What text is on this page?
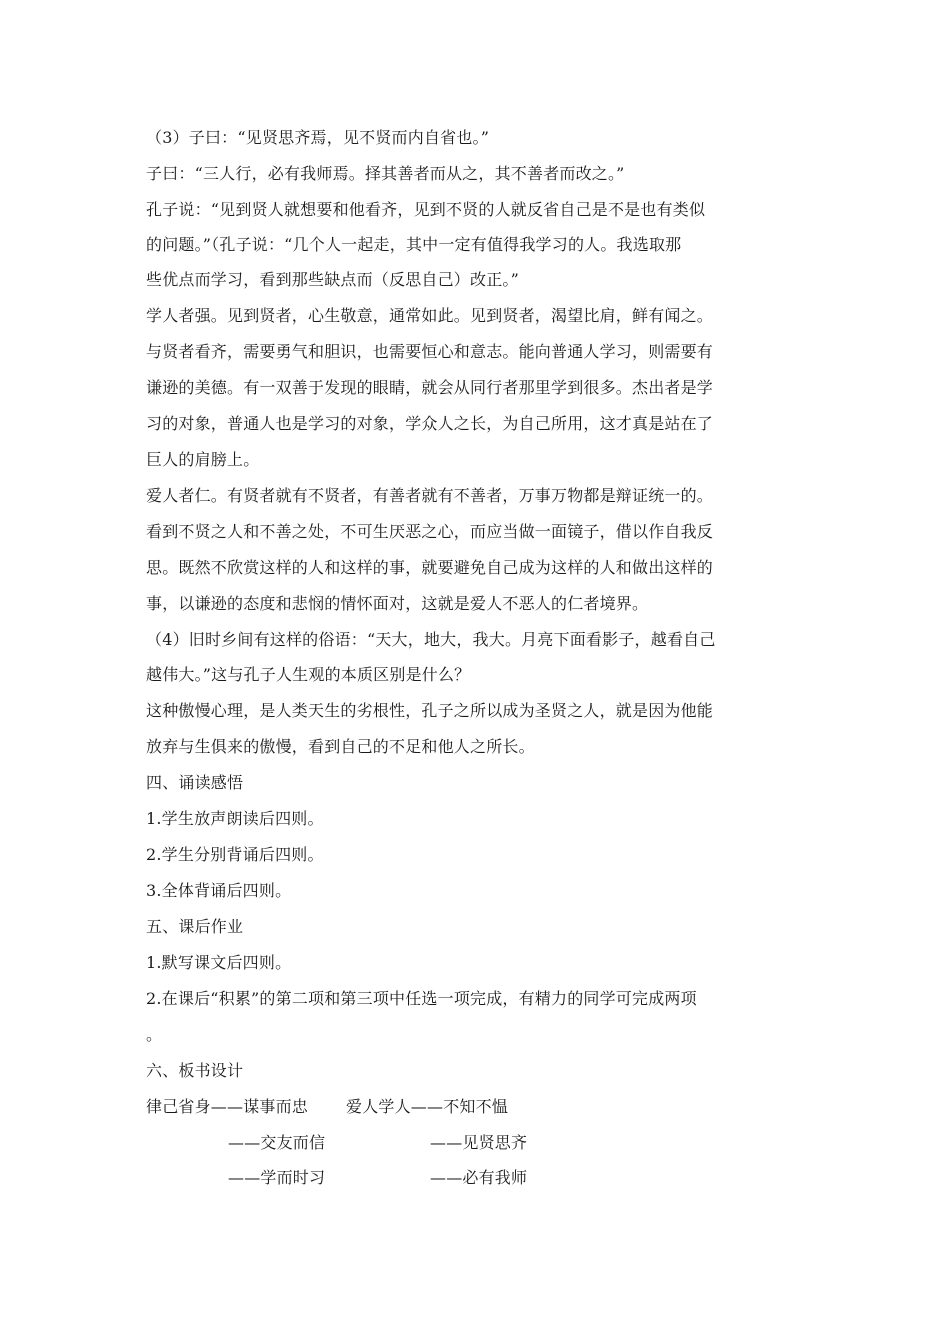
（3）子曰：“见贤思齐焉，见不贤而内自省也。”
子曰：“三人行，必有我师焉。择其善者而从之，其不善者而改之。”
孔子说：“见到贤人就想要和他看齐，见到不贤的人就反省自己是不是也有类似
的问题。”（孔子说：“几个人一起走，其中一定有值得我学习的人。我选取那
些优点而学习，看到那些缺点而（反思自己）改正。”
学人者强。见到贤者，心生敬意，通常如此。见到贤者，渴望比肩，鲜有闻之。
与贤者看齐，需要勇气和胆识，也需要恒心和意志。能向普通人学习，则需要有
谦逊的美德。有一双善于发现的眼睛，就会从同行者那里学到很多。杰出者是学
习的对象，普通人也是学习的对象，学众人之长，为自己所用，这才真是站在了
巨人的肩膀上。
爱人者仁。有贤者就有不贤者，有善者就有不善者，万事万物都是辩证统一的。
看到不贤之人和不善之处，不可生厌恶之心，而应当做一面镜子，借以作自我反
思。既然不欣赏这样的人和这样的事，就要避免自己成为这样的人和做出这样的
事，以谦逊的态度和悲悯的情怀面对，这就是爱人不恶人的仁者境界。
（4）旧时乡间有这样的俗语：“天大，地大，我大。月亮下面看影子，越看自己
越伟大。”这与孔子人生观的本质区别是什么？
这种傲慢心理，是人类天生的劣根性，孔子之所以成为圣贤之人，就是因为他能
放弃与生俱来的傲慢，看到自己的不足和他人之所长。
四、诵读感悟
1.学生放声朗读后四则。
2.学生分别背诵后四则。
3.全体背诵后四则。
五、课后作业
1.默写课文后四则。
2.在课后“积累”的第二项和第三项中任选一项完成，有精力的同学可完成两项
。
六、板书设计
律己省身——谋事而忠 爱人学人——不知不愠
——交友而信	——见贤思齐
——学而时习	——必有我师
